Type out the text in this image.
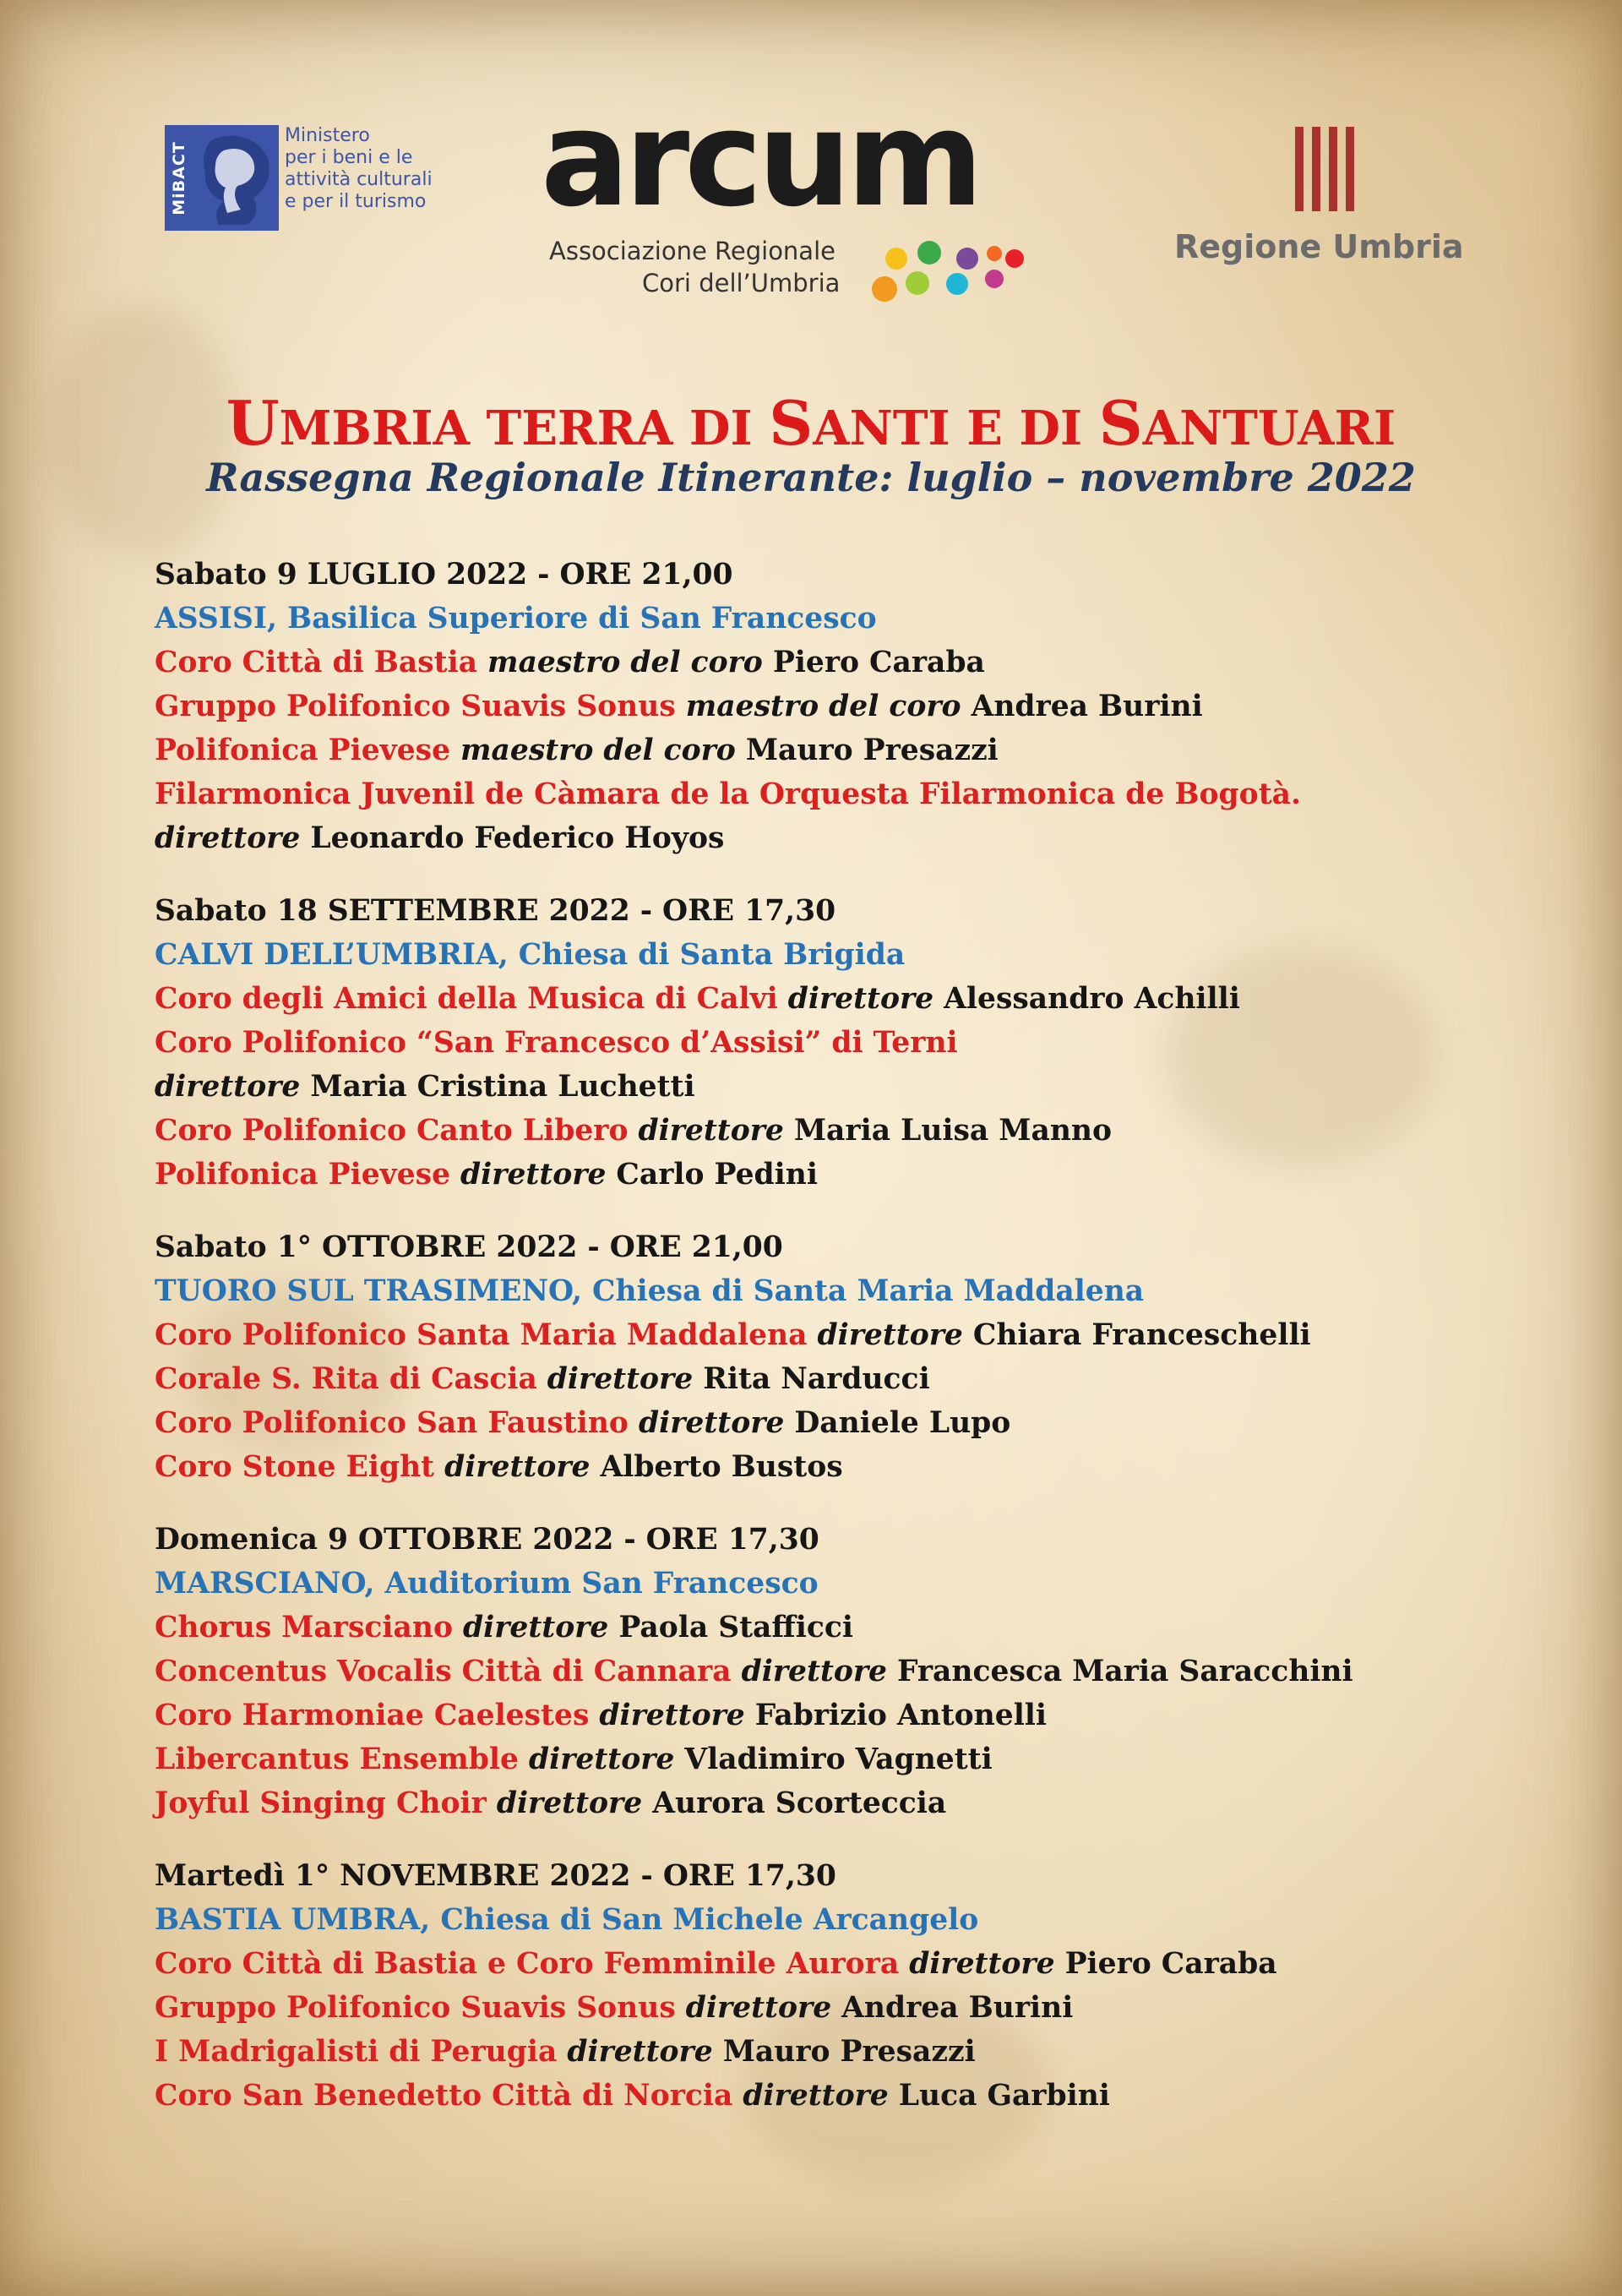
MiBACT
Ministero
per i beni e le
attività culturali
e per il turismo arcum
Associazione Regionale
Cori dell’Umbria
Regione Umbria
UMBRIA TERRA DI SANTI E DI SANTUARI
Rassegna Regionale Itinerante: luglio – novembre 2022
Sabato 9 LUGLIO 2022 - ORE 21,00
ASSISI, Basilica Superiore di San Francesco
Coro Città di Bastia maestro del coro Piero Caraba
Gruppo Polifonico Suavis Sonus maestro del coro Andrea Burini
Polifonica Pievese maestro del coro Mauro Presazzi
Filarmonica Juvenil de Càmara de la Orquesta Filarmonica de Bogotà.
direttore Leonardo Federico Hoyos
Sabato 18 SETTEMBRE 2022 - ORE 17,30
CALVI DELL’UMBRIA, Chiesa di Santa Brigida
Coro degli Amici della Musica di Calvi direttore Alessandro Achilli
Coro Polifonico “San Francesco d’Assisi” di Terni
direttore Maria Cristina Luchetti
Coro Polifonico Canto Libero direttore Maria Luisa Manno
Polifonica Pievese direttore Carlo Pedini
Sabato 1° OTTOBRE 2022 - ORE 21,00
TUORO SUL TRASIMENO, Chiesa di Santa Maria Maddalena
Coro Polifonico Santa Maria Maddalena direttore Chiara Franceschelli
Corale S. Rita di Cascia direttore Rita Narducci
Coro Polifonico San Faustino direttore Daniele Lupo
Coro Stone Eight direttore Alberto Bustos
Domenica 9 OTTOBRE 2022 - ORE 17,30
MARSCIANO, Auditorium San Francesco
Chorus Marsciano direttore Paola Stafficci
Concentus Vocalis Città di Cannara direttore Francesca Maria Saracchini
Coro Harmoniae Caelestes direttore Fabrizio Antonelli
Libercantus Ensemble direttore Vladimiro Vagnetti
Joyful Singing Choir direttore Aurora Scorteccia
Martedì 1° NOVEMBRE 2022 - ORE 17,30
BASTIA UMBRA, Chiesa di San Michele Arcangelo
Coro Città di Bastia e Coro Femminile Aurora direttore Piero Caraba
Gruppo Polifonico Suavis Sonus direttore Andrea Burini
I Madrigalisti di Perugia direttore Mauro Presazzi
Coro San Benedetto Città di Norcia direttore Luca Garbini
